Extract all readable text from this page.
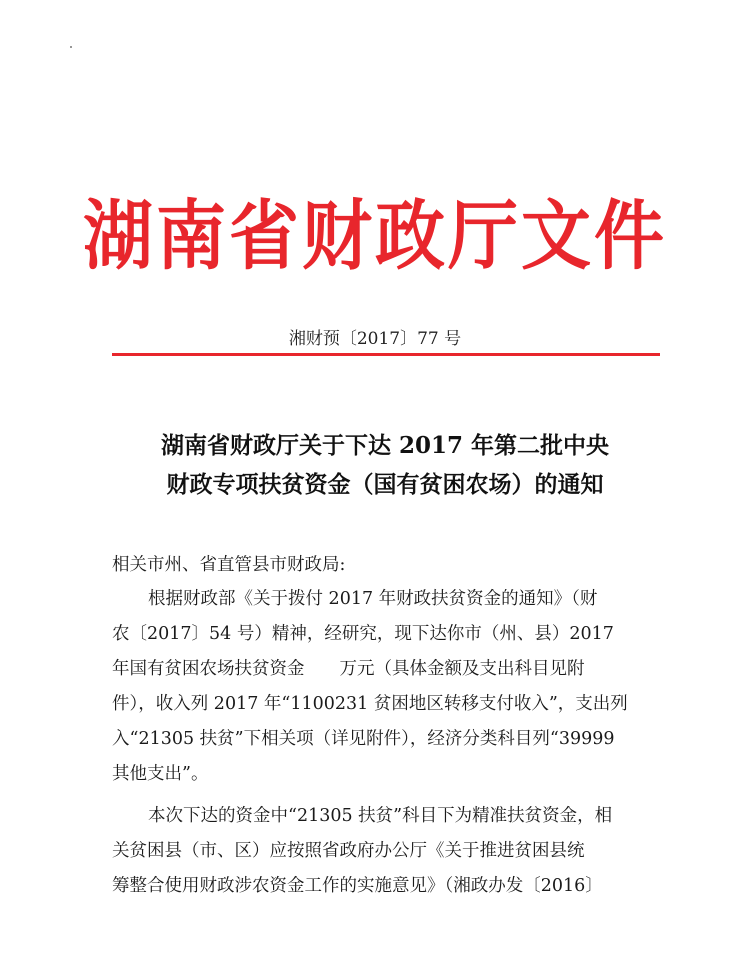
湖南省财政厅文件
湘财预〔2017〕77 号
湖南省财政厅关于下达 2017 年第二批中央
财政专项扶贫资金（国有贫困农场）的通知
相关市州、省直管县市财政局:
根据财政部《关于拨付 2017 年财政扶贫资金的通知》（财
农〔2017〕54 号）精神，经研究，现下达你市（州、县）2017
年国有贫困农场扶贫资金　　万元（具体金额及支出科目见附
件），收入列 2017 年“1100231 贫困地区转移支付收入”，支出列
入“21305 扶贫”下相关项（详见附件），经济分类科目列“39999
其他支出”。
本次下达的资金中“21305 扶贫”科目下为精准扶贫资金，相
关贫困县（市、区）应按照省政府办公厅《关于推进贫困县统
筹整合使用财政涉农资金工作的实施意见》（湘政办发〔2016〕
